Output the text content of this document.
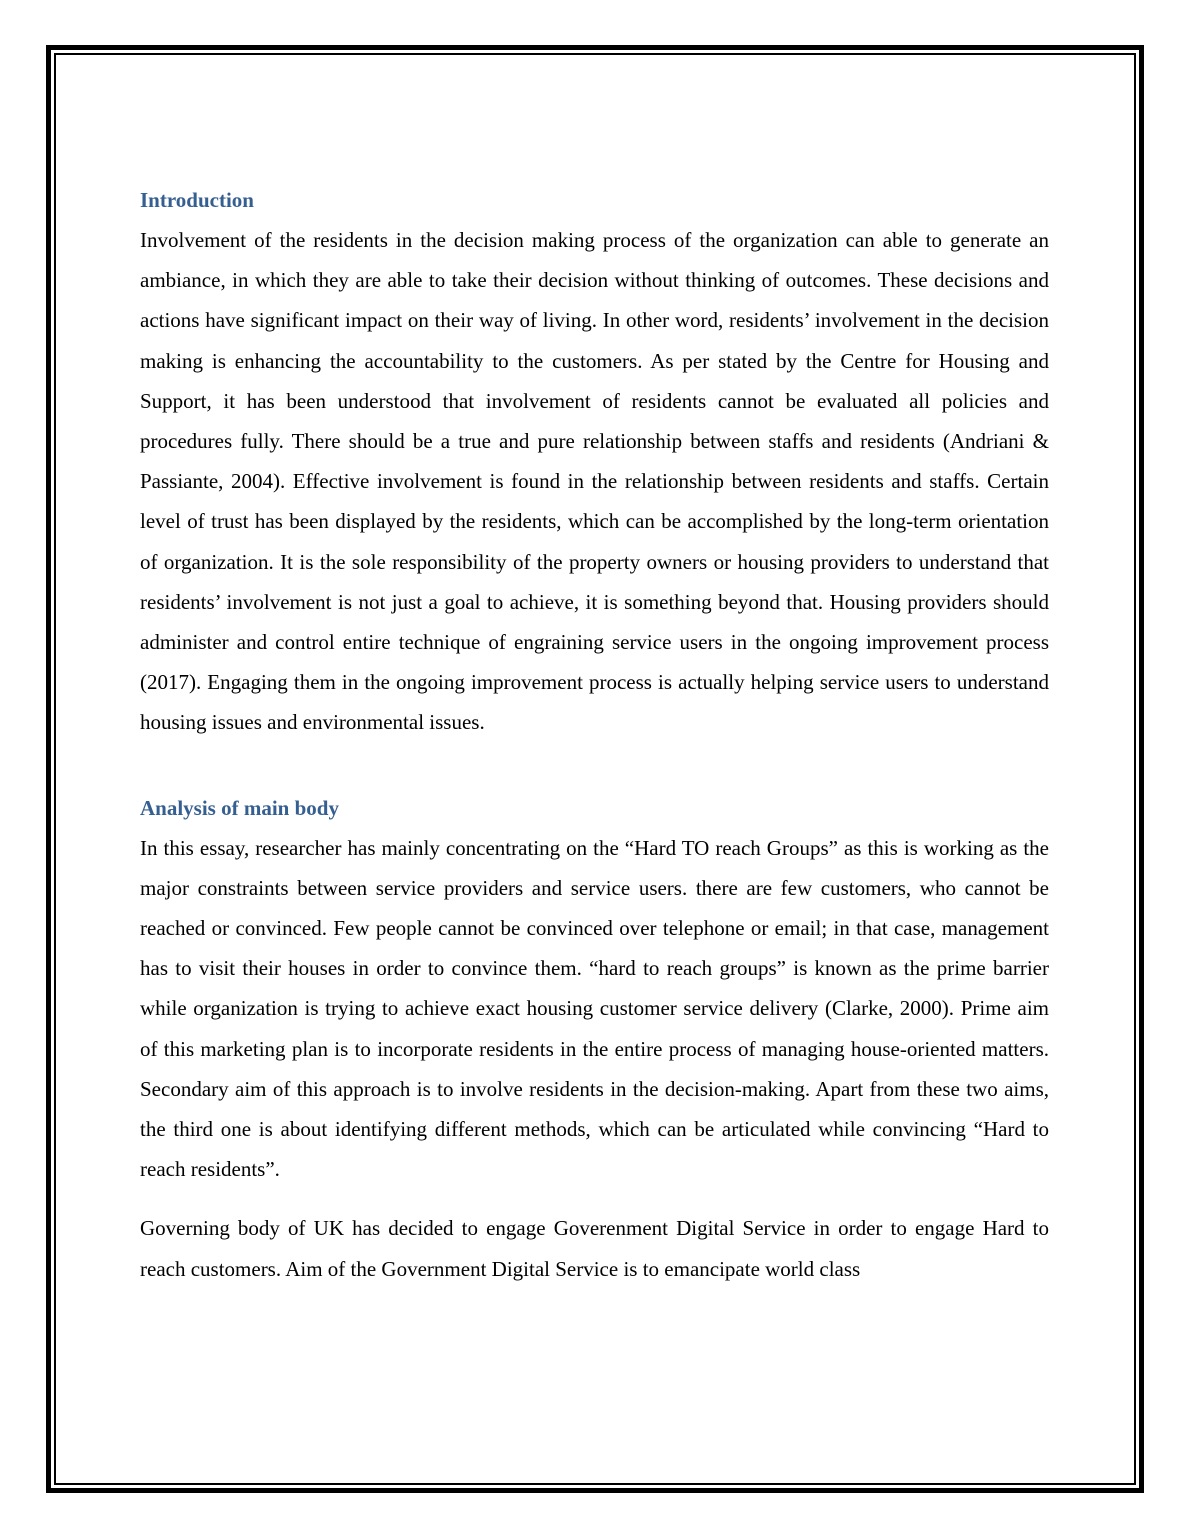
Introduction

Involvement of the residents in the decision making process of the organization can able to generate an ambiance, in which they are able to take their decision without thinking of outcomes. These decisions and actions have significant impact on their way of living. In other word, residents’ involvement in the decision making is enhancing the accountability to the customers. As per stated by the Centre for Housing and Support, it has been understood that involvement of residents cannot be evaluated all policies and procedures fully. There should be a true and pure relationship between staffs and residents (Andriani & Passiante, 2004). Effective involvement is found in the relationship between residents and staffs. Certain level of trust has been displayed by the residents, which can be accomplished by the long-term orientation of organization. It is the sole responsibility of the property owners or housing providers to understand that residents’ involvement is not just a goal to achieve, it is something beyond that. Housing providers should administer and control entire technique of engraining service users in the ongoing improvement process (2017). Engaging them in the ongoing improvement process is actually helping service users to understand housing issues and environmental issues.

Analysis of main body

In this essay, researcher has mainly concentrating on the “Hard TO reach Groups” as this is working as the major constraints between service providers and service users. there are few customers, who cannot be reached or convinced. Few people cannot be convinced over telephone or email; in that case, management has to visit their houses in order to convince them. “hard to reach groups” is known as the prime barrier while organization is trying to achieve exact housing customer service delivery (Clarke, 2000). Prime aim of this marketing plan is to incorporate residents in the entire process of managing house-oriented matters. Secondary aim of this approach is to involve residents in the decision-making. Apart from these two aims, the third one is about identifying different methods, which can be articulated while convincing “Hard to reach residents”.

Governing body of UK has decided to engage Goverenment Digital Service in order to engage Hard to reach customers. Aim of the Government Digital Service is to emancipate world class
